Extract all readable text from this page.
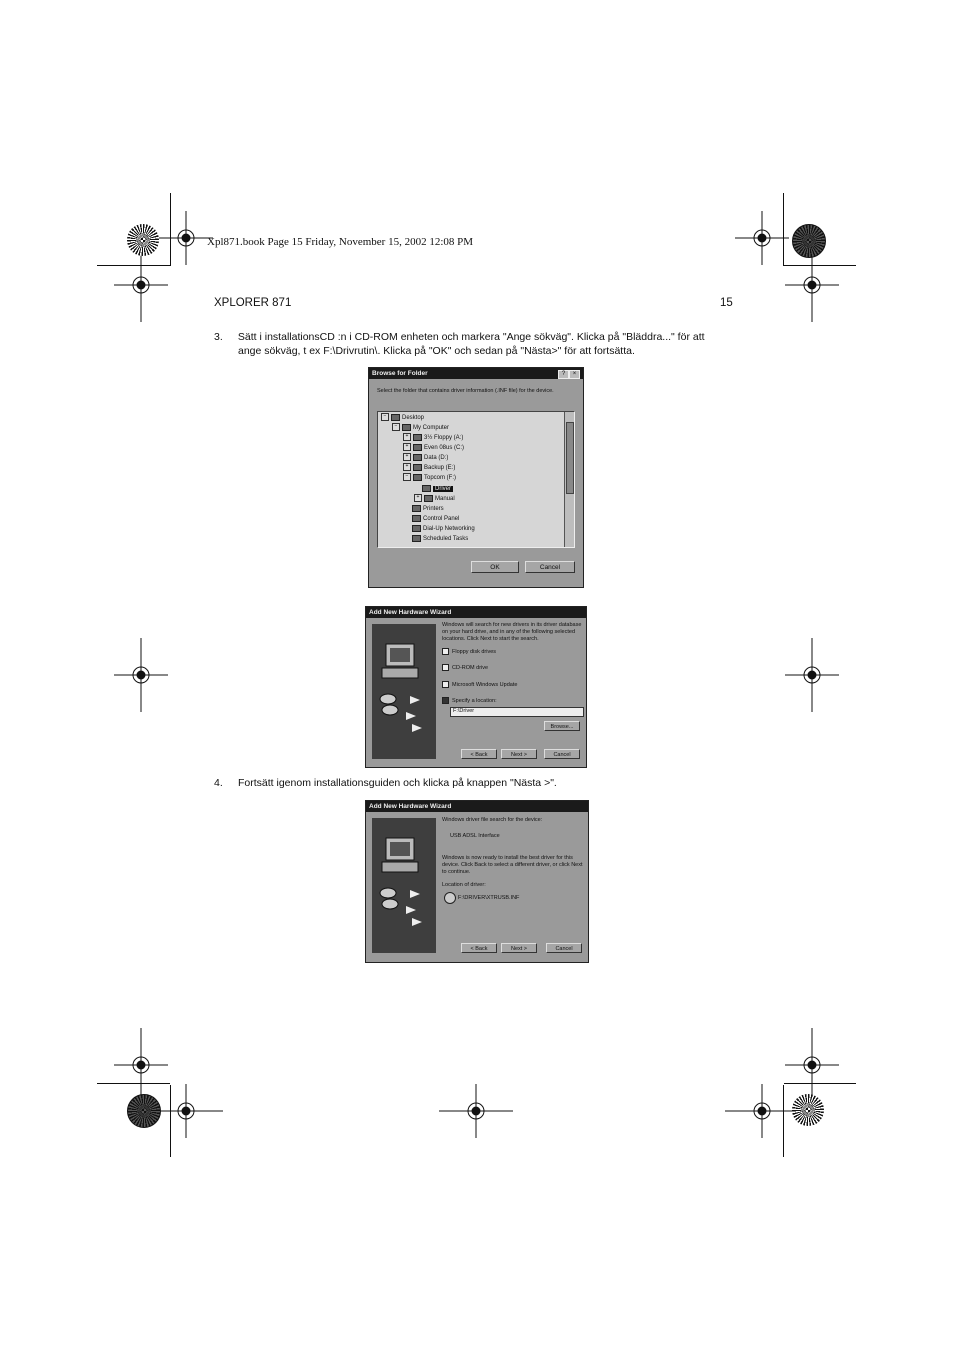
Xpl871.book Page 15 Friday, November 15, 2002 12:08 PM
XPLORER 871	15
3. Sätt i installationsCD :n i CD-ROM enheten och markera "Ange sökväg". Klicka på "Bläddra..." för att
ange sökväg, t ex F:\Drivrutin\. Klicka på "OK" och sedan på "Nästa>" för att fortsätta.
Browse for Folder	?	×
Select the folder that contains driver information (.INF file) for the device.
−	Desktop
−	My Computer
+	3½ Floppy (A:)
+	Even 08us (C:)
+	Data (D:)
+	Backup (E:)
−	Topcom (F:)
Driver
+	Manual
Printers
Control Panel
Dial-Up Networking
Scheduled Tasks
OK	Cancel
Add New Hardware Wizard
Windows will search for new drivers in its driver database on your hard drive, and in any of the following selected locations. Click Next to start the search.
Floppy disk drives
CD-ROM drive
Microsoft Windows Update
Specify a location:
F:\Driver
Browse...
< Back	Next >	Cancel
4. Fortsätt igenom installationsguiden och klicka på knappen "Nästa >".
Add New Hardware Wizard
Windows driver file search for the device:
USB ADSL Interface
Windows is now ready to install the best driver for this device. Click Back to select a different driver, or click Next to continue.
Location of driver:
F:\DRIVER\XTRUSB.INF
< Back	Next >	Cancel
